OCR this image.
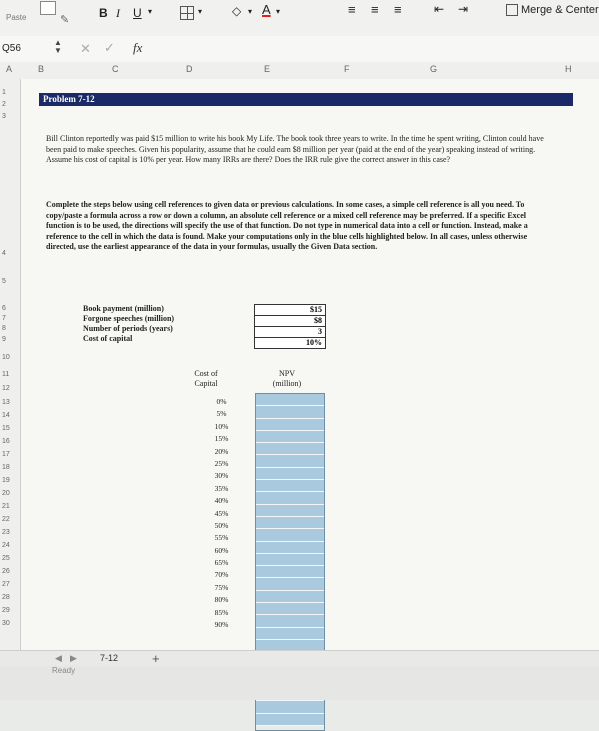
Paste	✎ B I U ▾	▾ ◇ ▾ A ▾	≡ ≡ ≡	⇤ ⇥	Merge & Center
Q56
▲
▼ ✕ ✓ fx
A	B	C	D	E	F	G	H
1
2
3
4
5
6
7
8
9
10
11
12
13
14
15
16
17
18
19
20
21
22
23
24
25
26
27
28
29
30
Problem 7-12
Bill Clinton reportedly was paid $15 million to write his book My Life. The book took three years to write. In the time he spent writing, Clinton could have been paid to make speeches. Given his popularity, assume that he could earn $8 million per year (paid at the end of the year) speaking instead of writing. Assume his cost of capital is 10% per year. How many IRRs are there? Does the IRR rule give the correct answer in this case?
Complete the steps below using cell references to given data or previous calculations. In some cases, a simple cell reference is all you need. To copy/paste a formula across a row or down a column, an absolute cell reference or a mixed cell reference may be preferred. If a specific Excel function is to be used, the directions will specify the use of that function. Do not type in numerical data into a cell or function. Instead, make a reference to the cell in which the data is found. Make your computations only in the blue cells highlighted below. In all cases, unless otherwise directed, use the earliest appearance of the data in your formulas, usually the Given Data section.
Book payment (million)
Forgone speeches (million)
Number of periods (years)
Cost of capital
$15
$8
3
10%
Cost of
Capital
NPV
(million)
0%
5%
10%
15%
20%
25%
30%
35%
40%
45%
50%
55%
60%
65%
70%
75%
80%
85%
90%
◀ ▶	7-12	+
Ready
